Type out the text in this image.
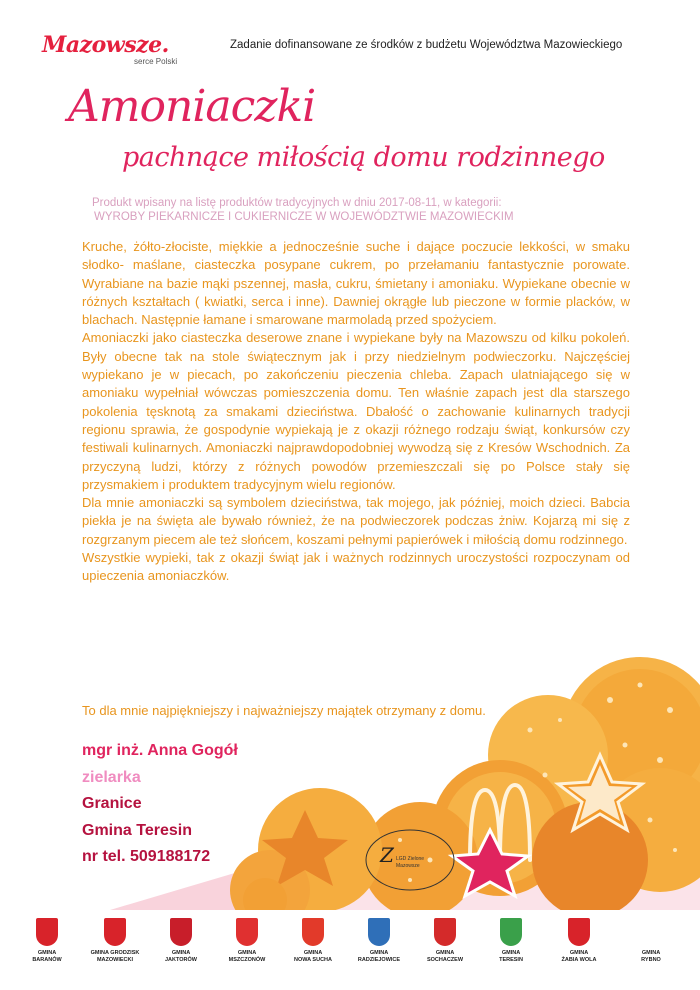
Mazowsze.
serce Polski
Zadanie dofinansowane ze środków z budżetu Województwa Mazowieckiego
Amoniaczki
pachnące miłością domu rodzinnego
Produkt wpisany na listę produktów tradycyjnych w dniu 2017-08-11, w kategorii:
WYROBY PIEKARNICZE I CUKIERNICZE W WOJEWÓDZTWIE MAZOWIECKIM

Kruche, żółto-złociste, miękkie a jednocześnie suche i dające poczucie lekkości, w smaku słodko- maślane, ciasteczka posypane cukrem, po przełamaniu fantastycznie porowate. Wyrabiane na bazie mąki pszennej, masła, cukru, śmietany i amoniaku. Wypiekane obecnie w różnych kształtach ( kwiatki, serca i inne). Dawniej okrągłe lub pieczone w formie placków, w blachach. Następnie łamane i smarowane marmoladą przed spożyciem.

Amoniaczki jako ciasteczka deserowe znane i wypiekane były na Mazowszu od kilku pokoleń. Były obecne tak na stole świątecznym jak i przy niedzielnym podwieczorku. Najczęściej wypiekano je w piecach, po zakończeniu pieczenia chleba. Zapach ulatniającego się w amoniaku wypełniał wówczas pomieszczenia domu. Ten właśnie zapach jest dla starszego pokolenia tęsknotą za smakami dzieciństwa. Dbałość o zachowanie kulinarnych tradycji regionu sprawia, że gospodynie wypiekają je z okazji różnego rodzaju świąt, konkursów czy festiwali kulinarnych. Amoniaczki najprawdopodobniej wywodzą się z Kresów Wschodnich. Za przyczyną ludzi, którzy z różnych powodów przemieszczali się po Polsce stały się przysmakiem i produktem tradycyjnym wielu regionów.

Dla mnie amoniaczki są symbolem dzieciństwa, tak mojego, jak później, moich dzieci. Babcia piekła je na święta ale bywało również, że na podwieczorek podczas żniw. Kojarzą mi się z rozgrzanym piecem ale też słońcem, koszami pełnymi papierówek i miłością domu rodzinnego.

Wszystkie wypieki, tak z okazji świąt jak i ważnych rodzinnych uroczystości rozpoczynam od upieczenia amoniaczków.

Z LGD Zielone
Mazowsze
To dla mnie najpiękniejszy i najważniejszy majątek otrzymany z domu.
mgr inż. Anna Gogół
zielarka
Granice
Gmina Teresin
nr tel. 509188172
GMINA
BARANÓW
GMINA GRODZISK
MAZOWIECKI
GMINA
JAKTORÓW
GMINA
MSZCZONÓW
GMINA
NOWA SUCHA
GMINA
RADZIEJOWICE
GMINA
SOCHACZEW
GMINA
TERESIN
GMINA
ŻABIA WOLA
GMINA
RYBNO
